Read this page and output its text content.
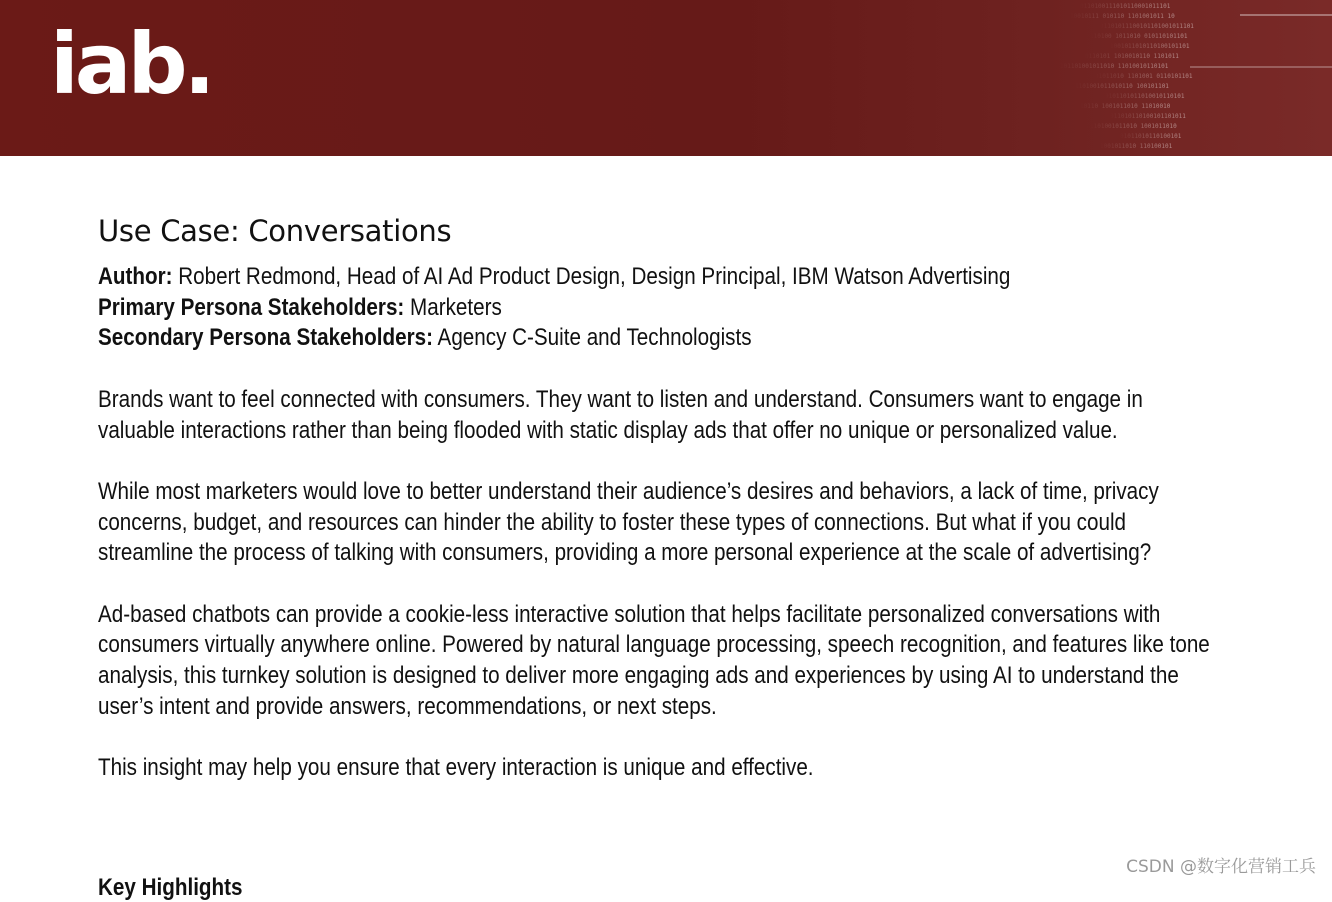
iab.
0110100111010110001011101
10010111 010110 1101001011 10
01101011100101101001011101
110100 1011010 010110101101
1001011010110100101101
0110101 1010010110 1101011
101101001011010 11010010110101
01011010 1101001 0110101101
1101001011010110 100101101
0101101011010010110101
10110 1001011010 11010010
011010110100101101011
1101001011010 1001011010
01011010110100101
1001011010 110100101
Use Case: Conversations
Author: Robert Redmond, Head of AI Ad Product Design, Design Principal, IBM Watson Advertising
Primary Persona Stakeholders: Marketers
Secondary Persona Stakeholders: Agency C-Suite and Technologists
Brands want to feel connected with consumers. They want to listen and understand. Consumers want to engage in valuable interactions rather than being flooded with static display ads that offer no unique or personalized value.
While most marketers would love to better understand their audience’s desires and behaviors, a lack of time, privacy concerns, budget, and resources can hinder the ability to foster these types of connections. But what if you could streamline the process of talking with consumers, providing a more personal experience at the scale of advertising?
Ad-based chatbots can provide a cookie-less interactive solution that helps facilitate personalized conversations with consumers virtually anywhere online. Powered by natural language processing, speech recognition, and features like tone analysis, this turnkey solution is designed to deliver more engaging ads and experiences by using AI to understand the user’s intent and provide answers, recommendations, or next steps.
This insight may help you ensure that every interaction is unique and effective.
Key Highlights
CSDN @数字化营销工兵
